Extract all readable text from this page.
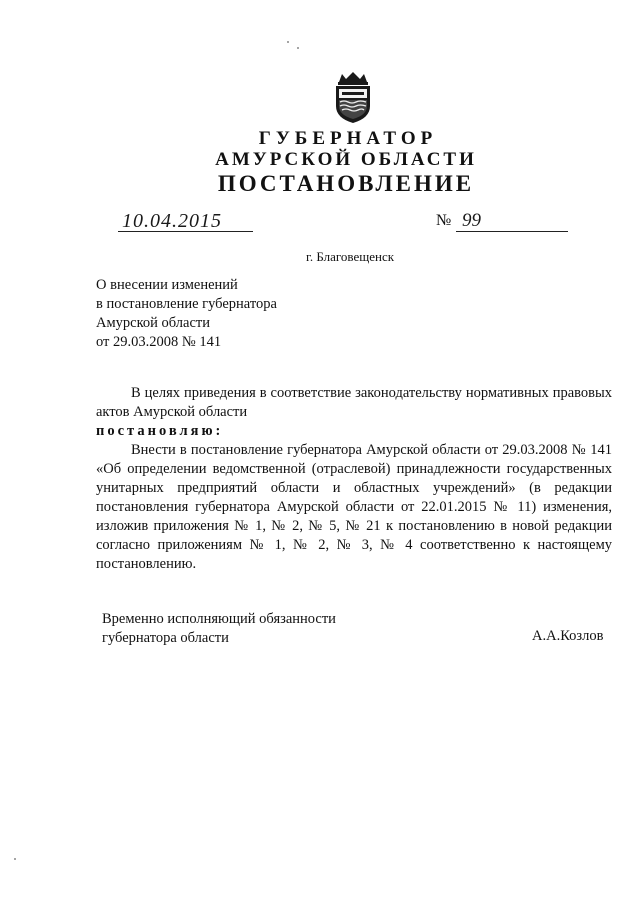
ГУБЕРНАТОР
АМУРСКОЙ ОБЛАСТИ
ПОСТАНОВЛЕНИЕ
10.04.2015	№ 99
г. Благовещенск
О внесении изменений
в постановление губернатора
Амурской области
от 29.03.2008 № 141

В целях приведения в соответствие законодательству нормативных правовых актов Амурской области

постановляю:

Внести в постановление губернатора Амурской области от 29.03.2008 № 141 «Об определении ведомственной (отраслевой) принадлежности государственных унитарных предприятий области и областных учреждений» (в редакции постановления губернатора Амурской области от 22.01.2015 № 11) изменения, изложив приложения № 1, № 2, № 5, № 21 к постановлению в новой редакции согласно приложениям № 1, № 2, № 3, № 4 соответственно к настоящему постановлению.

Временно исполняющий обязанности
губернатора области	А.А.Козлов
